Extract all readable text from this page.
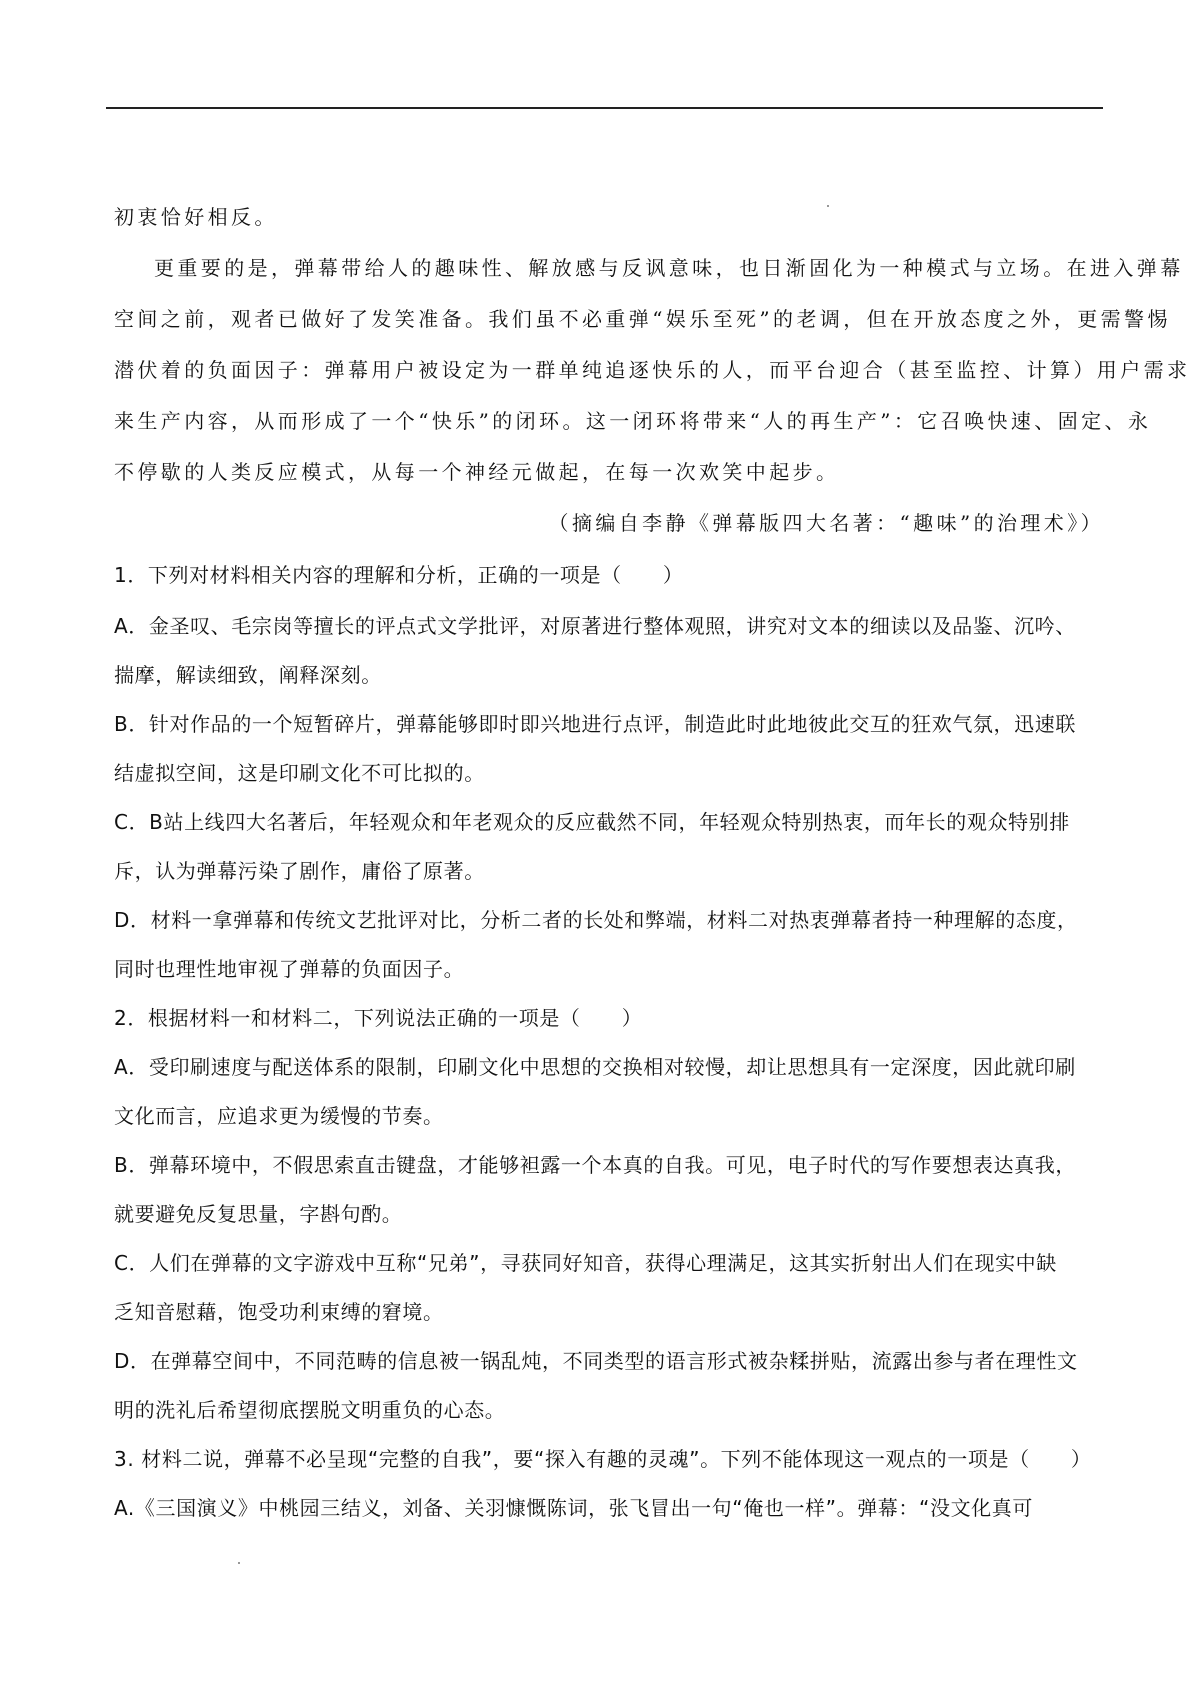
初衷恰好相反。
更重要的是，弹幕带给人的趣味性、解放感与反讽意味，也日渐固化为一种模式与立场。在进入弹幕
空间之前，观者已做好了发笑准备。我们虽不必重弹“娱乐至死”的老调，但在开放态度之外，更需警惕
潜伏着的负面因子：弹幕用户被设定为一群单纯追逐快乐的人，而平台迎合（甚至监控、计算）用户需求
来生产内容，从而形成了一个“快乐”的闭环。这一闭环将带来“人的再生产”：它召唤快速、固定、永
不停歇的人类反应模式，从每一个神经元做起，在每一次欢笑中起步。
（摘编自李静《弹幕版四大名著：“趣味”的治理术》）
1．下列对材料相关内容的理解和分析，正确的一项是（　　）
A．金圣叹、毛宗岗等擅长的评点式文学批评，对原著进行整体观照，讲究对文本的细读以及品鉴、沉吟、
揣摩，解读细致，阐释深刻。
B．针对作品的一个短暂碎片，弹幕能够即时即兴地进行点评，制造此时此地彼此交互的狂欢气氛，迅速联
结虚拟空间，这是印刷文化不可比拟的。
C．B站上线四大名著后，年轻观众和年老观众的反应截然不同，年轻观众特别热衷，而年长的观众特别排
斥，认为弹幕污染了剧作，庸俗了原著。
D．材料一拿弹幕和传统文艺批评对比，分析二者的长处和弊端，材料二对热衷弹幕者持一种理解的态度，
同时也理性地审视了弹幕的负面因子。
2．根据材料一和材料二，下列说法正确的一项是（　　）
A．受印刷速度与配送体系的限制，印刷文化中思想的交换相对较慢，却让思想具有一定深度，因此就印刷
文化而言，应追求更为缓慢的节奏。
B．弹幕环境中，不假思索直击键盘，才能够袒露一个本真的自我。可见，电子时代的写作要想表达真我，
就要避免反复思量，字斟句酌。
C．人们在弹幕的文字游戏中互称“兄弟”，寻获同好知音，获得心理满足，这其实折射出人们在现实中缺
乏知音慰藉，饱受功利束缚的窘境。
D．在弹幕空间中，不同范畴的信息被一锅乱炖，不同类型的语言形式被杂糅拼贴，流露出参与者在理性文
明的洗礼后希望彻底摆脱文明重负的心态。
3. 材料二说，弹幕不必呈现“完整的自我”，要“探入有趣的灵魂”。下列不能体现这一观点的一项是（　　）
A.《三国演义》中桃园三结义，刘备、关羽慷慨陈词，张飞冒出一句“俺也一样”。弹幕：“没文化真可
